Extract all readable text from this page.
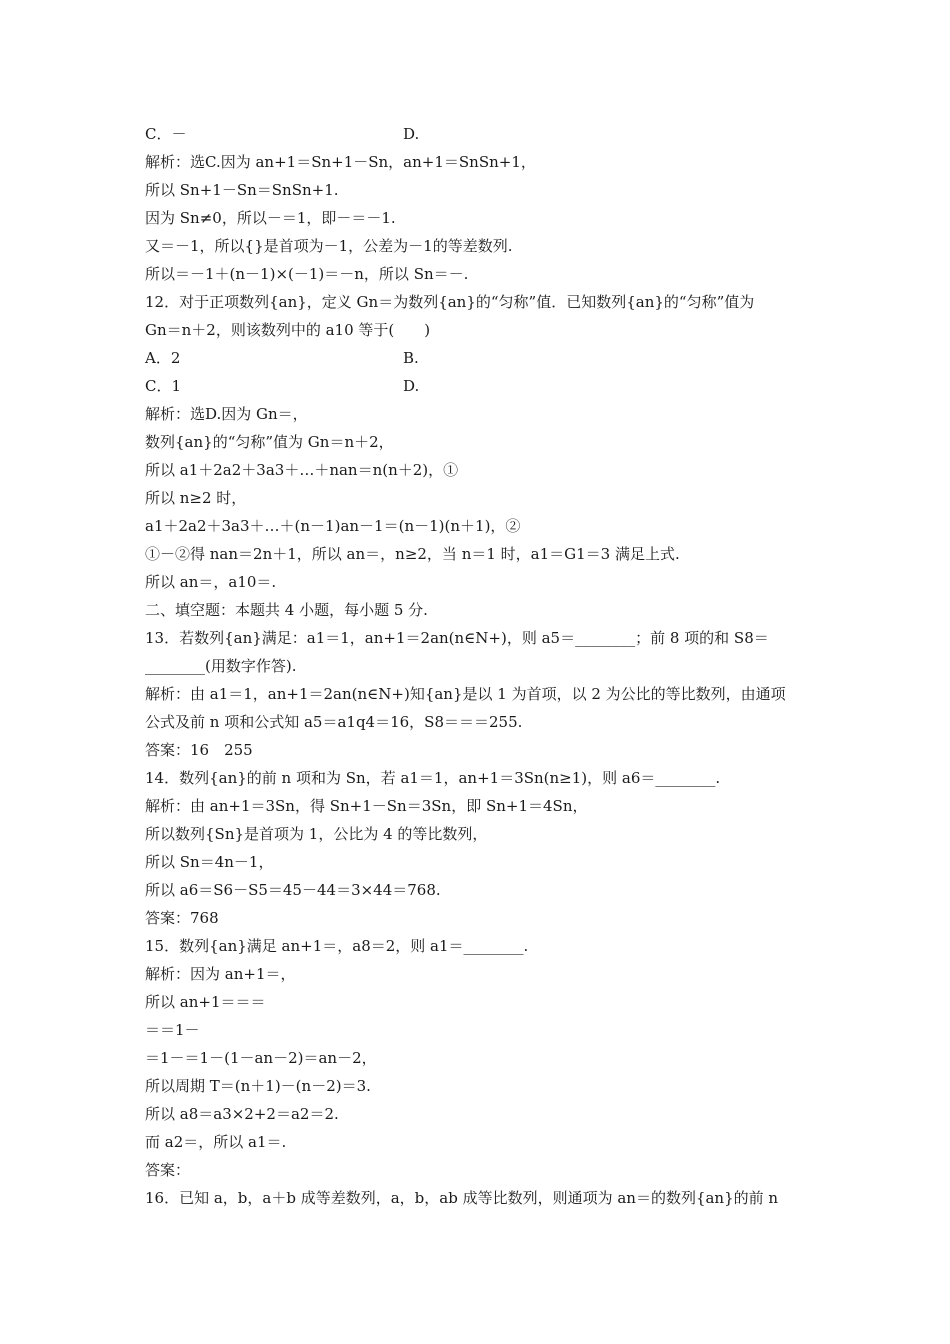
C．－	D.
解析：选C.因为 an+1＝Sn+1－Sn，an+1＝SnSn+1，
所以 Sn+1－Sn＝SnSn+1.
因为 Sn≠0，所以－＝1，即－＝－1.
又＝－1，所以{}是首项为－1，公差为－1的等差数列.
所以＝－1＋(n－1)×(－1)＝－n，所以 Sn＝－.
12．对于正项数列{an}，定义 Gn＝为数列{an}的“匀称”值．已知数列{an}的“匀称”值为
Gn＝n＋2，则该数列中的 a10 等于(　　)
A．2	B.
C．1	D.
解析：选D.因为 Gn＝，
数列{an}的“匀称”值为 Gn＝n＋2，
所以 a1＋2a2＋3a3＋…＋nan＝n(n＋2)，①
所以 n≥2 时，
a1＋2a2＋3a3＋…＋(n－1)an－1＝(n－1)(n＋1)，②
①－②得 nan＝2n＋1，所以 an＝，n≥2，当 n＝1 时，a1＝G1＝3 满足上式.
所以 an＝，a10＝.
二、填空题：本题共 4 小题，每小题 5 分.
13．若数列{an}满足：a1＝1，an+1＝2an(n∈N+)，则 a5＝________；前 8 项的和 S8＝
________(用数字作答).
解析：由 a1＝1，an+1＝2an(n∈N+)知{an}是以 1 为首项，以 2 为公比的等比数列，由通项
公式及前 n 项和公式知 a5＝a1q4＝16，S8＝＝＝255.
答案：16　255
14．数列{an}的前 n 项和为 Sn，若 a1＝1，an+1＝3Sn(n≥1)，则 a6＝________.
解析：由 an+1＝3Sn，得 Sn+1－Sn＝3Sn，即 Sn+1＝4Sn，
所以数列{Sn}是首项为 1，公比为 4 的等比数列，
所以 Sn＝4n－1，
所以 a6＝S6－S5＝45－44＝3×44＝768.
答案：768
15．数列{an}满足 an+1＝，a8＝2，则 a1＝________.
解析：因为 an+1＝，
所以 an+1＝＝＝
＝＝1－
＝1－＝1－(1－an－2)＝an－2，
所以周期 T＝(n＋1)－(n－2)＝3.
所以 a8＝a3×2+2＝a2＝2.
而 a2＝，所以 a1＝.
答案：
16．已知 a，b，a＋b 成等差数列，a，b，ab 成等比数列，则通项为 an＝的数列{an}的前 n
